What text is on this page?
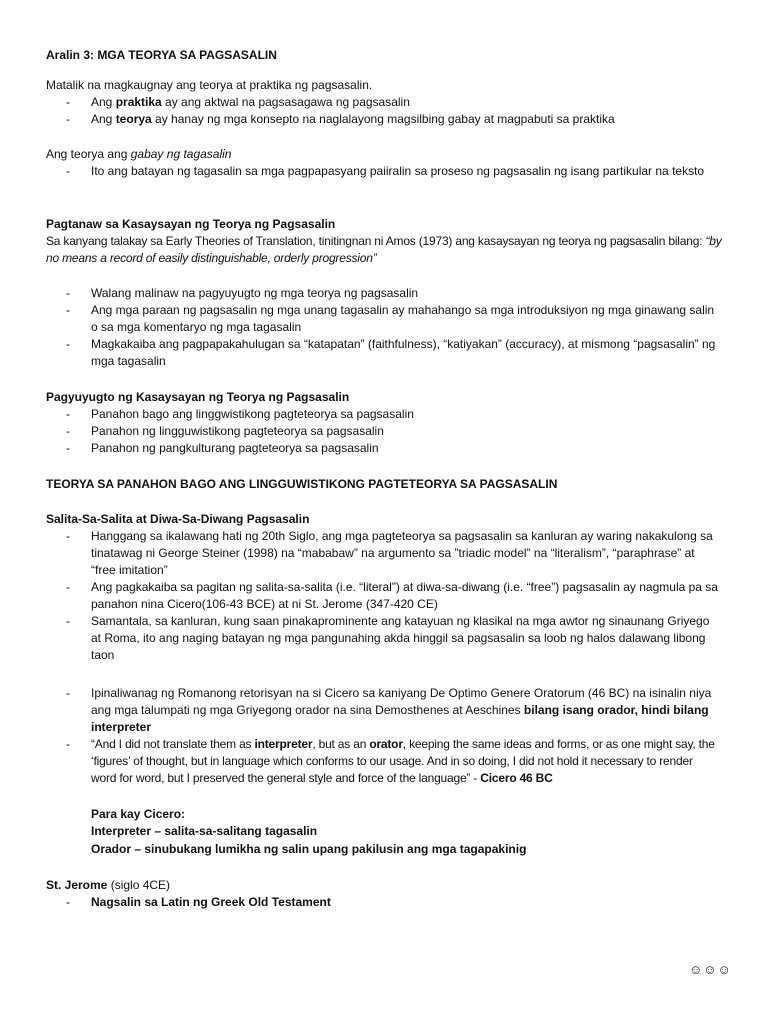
Aralin 3: MGA TEORYA SA PAGSASALIN

Matalik na magkaugnay ang teorya at praktika ng pagsasalin.

- Ang praktika ay ang aktwal na pagsasagawa ng pagsasalin
- Ang teorya ay hanay ng mga konsepto na naglalayong magsilbing gabay at magpabuti sa praktika

Ang teorya ang gabay ng tagasalin

- Ito ang batayan ng tagasalin sa mga pagpapasyang paiiralin sa proseso ng pagsasalin ng isang partikular na teksto

Pagtanaw sa Kasaysayan ng Teorya ng Pagsasalin

Sa kanyang talakay sa Early Theories of Translation, tinitingnan ni Amos (1973) ang kasaysayan ng teorya ng pagsasalin bilang: “by no means a record of easily distinguishable, orderly progression”

- Walang malinaw na pagyuyugto ng mga teorya ng pagsasalin
- Ang mga paraan ng pagsasalin ng mga unang tagasalin ay mahahango sa mga introduksiyon ng mga ginawang salin o sa mga komentaryo ng mga tagasalin
- Magkakaiba ang pagpapakahulugan sa “katapatan” (faithfulness), “katiyakan” (accuracy), at mismong “pagsasalin” ng mga tagasalin

Pagyuyugto ng Kasaysayan ng Teorya ng Pagsasalin

- Panahon bago ang linggwistikong pagteteorya sa pagsasalin
- Panahon ng lingguwistikong pagteteorya sa pagsasalin
- Panahon ng pangkulturang pagteteorya sa pagsasalin

TEORYA SA PANAHON BAGO ANG LINGGUWISTIKONG PAGTETEORYA SA PAGSASALIN

Salita-Sa-Salita at Diwa-Sa-Diwang Pagsasalin

- Hanggang sa ikalawang hati ng 20th Siglo, ang mga pagteteorya sa pagsasalin sa kanluran ay waring nakakulong sa tinatawag ni George Steiner (1998) na “mababaw” na argumento sa ”triadic model” na “literalism”, “paraphrase” at “free imitation”
- Ang pagkakaiba sa pagitan ng salita-sa-salita (i.e. “literal”) at diwa-sa-diwang (i.e. “free”) pagsasalin ay nagmula pa sa panahon nina Cicero(106-43 BCE) at ni St. Jerome (347-420 CE)
- Samantala, sa kanluran, kung saan pinakaprominente ang katayuan ng klasikal na mga awtor ng sinaunang Griyego at Roma, ito ang naging batayan ng mga pangunahing akda hinggil sa pagsasalin sa loob ng halos dalawang libong taon
- Ipinaliwanag ng Romanong retorisyan na si Cicero sa kaniyang De Optimo Genere Oratorum (46 BC) na isinalin niya ang mga talumpati ng mga Griyegong orador na sina Demosthenes at Aeschines bilang isang orador, hindi bilang interpreter
- “And I did not translate them as interpreter, but as an orator, keeping the same ideas and forms, or as one might say, the ‘figures’ of thought, but in language which conforms to our usage. And in so doing, I did not hold it necessary to render word for word, but I preserved the general style and force of the language” - Cicero 46 BC

Para kay Cicero:

Interpreter – salita-sa-salitang tagasalin

Orador – sinubukang lumikha ng salin upang pakilusin ang mga tagapakinig

St. Jerome (siglo 4CE)

- Nagsalin sa Latin ng Greek Old Testament
☺☺☺
